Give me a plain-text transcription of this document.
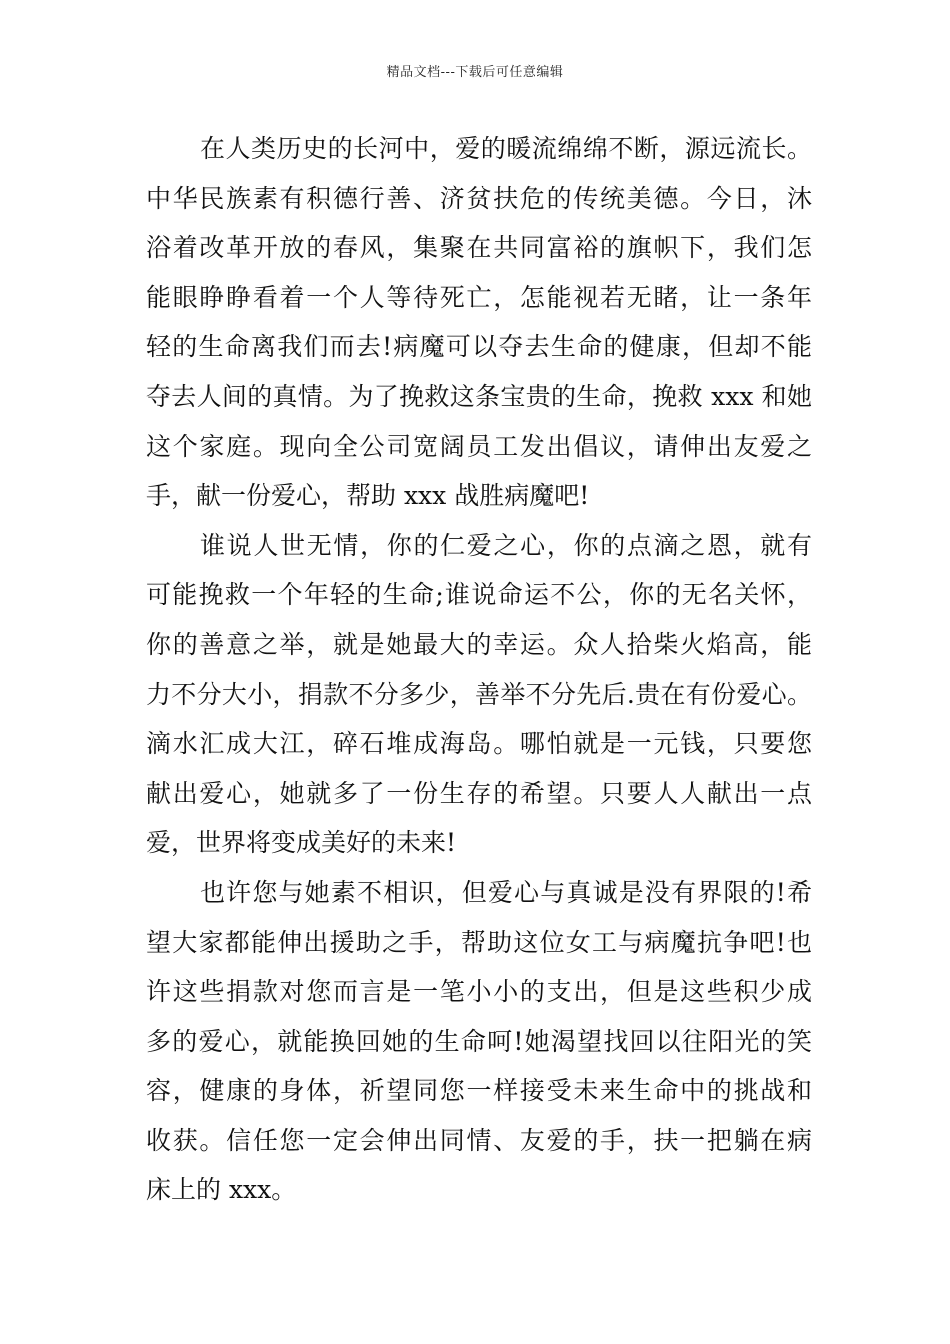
精品文档---下载后可任意编辑
在人类历史的长河中，爱的暖流绵绵不断，源远流长。
中华民族素有积德行善、济贫扶危的传统美德。今日，沐
浴着改革开放的春风，集聚在共同富裕的旗帜下，我们怎
能眼睁睁看着一个人等待死亡，怎能视若无睹，让一条年
轻的生命离我们而去!病魔可以夺去生命的健康，但却不能
夺去人间的真情。为了挽救这条宝贵的生命，挽救 xxx 和她
这个家庭。现向全公司宽阔员工发出倡议，请伸出友爱之
手，献一份爱心，帮助 xxx 战胜病魔吧!
谁说人世无情，你的仁爱之心，你的点滴之恩，就有
可能挽救一个年轻的生命;谁说命运不公，你的无名关怀，
你的善意之举，就是她最大的幸运。众人拾柴火焰高，能
力不分大小，捐款不分多少，善举不分先后.贵在有份爱心。
滴水汇成大江，碎石堆成海岛。哪怕就是一元钱，只要您
献出爱心，她就多了一份生存的希望。只要人人献出一点
爱，世界将变成美好的未来!
也许您与她素不相识，但爱心与真诚是没有界限的!希
望大家都能伸出援助之手，帮助这位女工与病魔抗争吧!也
许这些捐款对您而言是一笔小小的支出，但是这些积少成
多的爱心，就能换回她的生命呵!她渴望找回以往阳光的笑
容，健康的身体，祈望同您一样接受未来生命中的挑战和
收获。信任您一定会伸出同情、友爱的手，扶一把躺在病
床上的 xxx。
